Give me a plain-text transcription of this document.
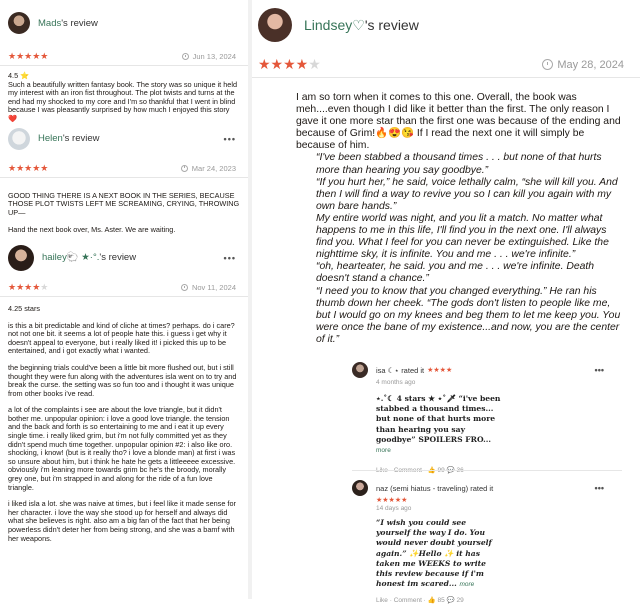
Mads's review
★★★★★	Jun 13, 2024

4.5 ⭐

Such a beautifully written fantasy book. The story was so unique it held my interest with an iron fist throughout. The plot twists and turns at the end had my shocked to my core and I'm so thankful that I went in blind because I was pleasantly surprised by how much I enjoyed this story ❤️

Helen's review	•••
★★★★★	Mar 24, 2023

GOOD THING THERE IS A NEXT BOOK IN THE SERIES, BECAUSE THOSE PLOT TWISTS LEFT ME SCREAMING, CRYING, THROWING UP—

Hand the next book over, Ms. Aster. We are waiting.

hailey🐑 ★·°.'s review	•••
★★★★★	Nov 11, 2024

4.25 stars

is this a bit predictable and kind of cliche at times? perhaps. do i care? not not one bit. it seems a lot of people hate this. i guess i get why it doesn't appeal to everyone, but i really liked it! i picked this up to be entertained, and i got exactly what i wanted.

the beginning trials could've been a little bit more flushed out, but i still thought they were fun along with the adventures isla went on to try and break the curse. the setting was so fun too and i thought it was unique from other books i've read.

a lot of the complaints i see are about the love triangle, but it didn't bother me. unpopular opinion: i love a good love triangle. the tension and the back and forth is so entertaining to me and i eat it up every single time. i really liked grim, but i'm not fully committed yet as they didn't spend much time together. unpopular opinion #2: i also like oro. shocking, i know! (but is it really tho? i love a blonde man) at first i was so unsure about him, but i think he hate he gets a littleeeee excessive. obviously i'm leaning more towards grim bc he's the broody, morally grey one, but i'm strapped in and along for the ride of a fun love triangle.

i liked isla a lot. she was naive at times, but i feel like it made sense for her character. i love the way she stood up for herself and always did what she believes is right. also am a big fan of the fact that her being powerless didn't deter her from being strong, and she was a bamf with her weapons.

Lindsey♡'s review
★★★★★	May 28, 2024

I am so torn when it comes to this one. Overall, the book was meh....even though I did like it better than the first. The only reason I gave it one more star than the first one was because of the ending and because of Grim!🔥😍😘 If I read the next one it will simply be because of him.

“I've been stabbed a thousand times . . . but none of that hurts more than hearing you say goodbye.”

“If you hurt her,” he said, voice lethally calm, “she will kill you. And then I will find a way to revive you so I can kill you again with my own bare hands.”

My entire world was night, and you lit a match. No matter what happens to me in this life, I'll find you in the next one. I'll always find you. What I feel for you can never be extinguished. Like the nighttime sky, it is infinite. You and me . . . we're infinite.”

“oh, hearteater, he said. you and me . . . we're infinite. Death doesn't stand a chance.”

“I need you to know that you changed everything.” He ran his thumb down her cheek. “The gods don't listen to people like me, but I would go on my knees and beg them to let me keep you. You were once the bane of my existence...and now, you are the center of it.”

isa ☾⋆ rated it ★★★★	•••
4 months ago
⋆.˚☾ 4 stars ★ ⋆˚🗡 “i've been stabbed a thousand times... but none of that hurts more than hearing you say goodbye” SPOILERS FRO... more
Like · Comment · 👍 99 💬 36
naz (semi hiatus - traveling) rated it	•••
★★★★★
14 days ago
“I wish you could see yourself the way I do. You would never doubt yourself again.” ✨Hello ✨ it has taken me WEEKS to write this review because if i'm honest im scared... more
Like · Comment · 👍 85 💬 29
